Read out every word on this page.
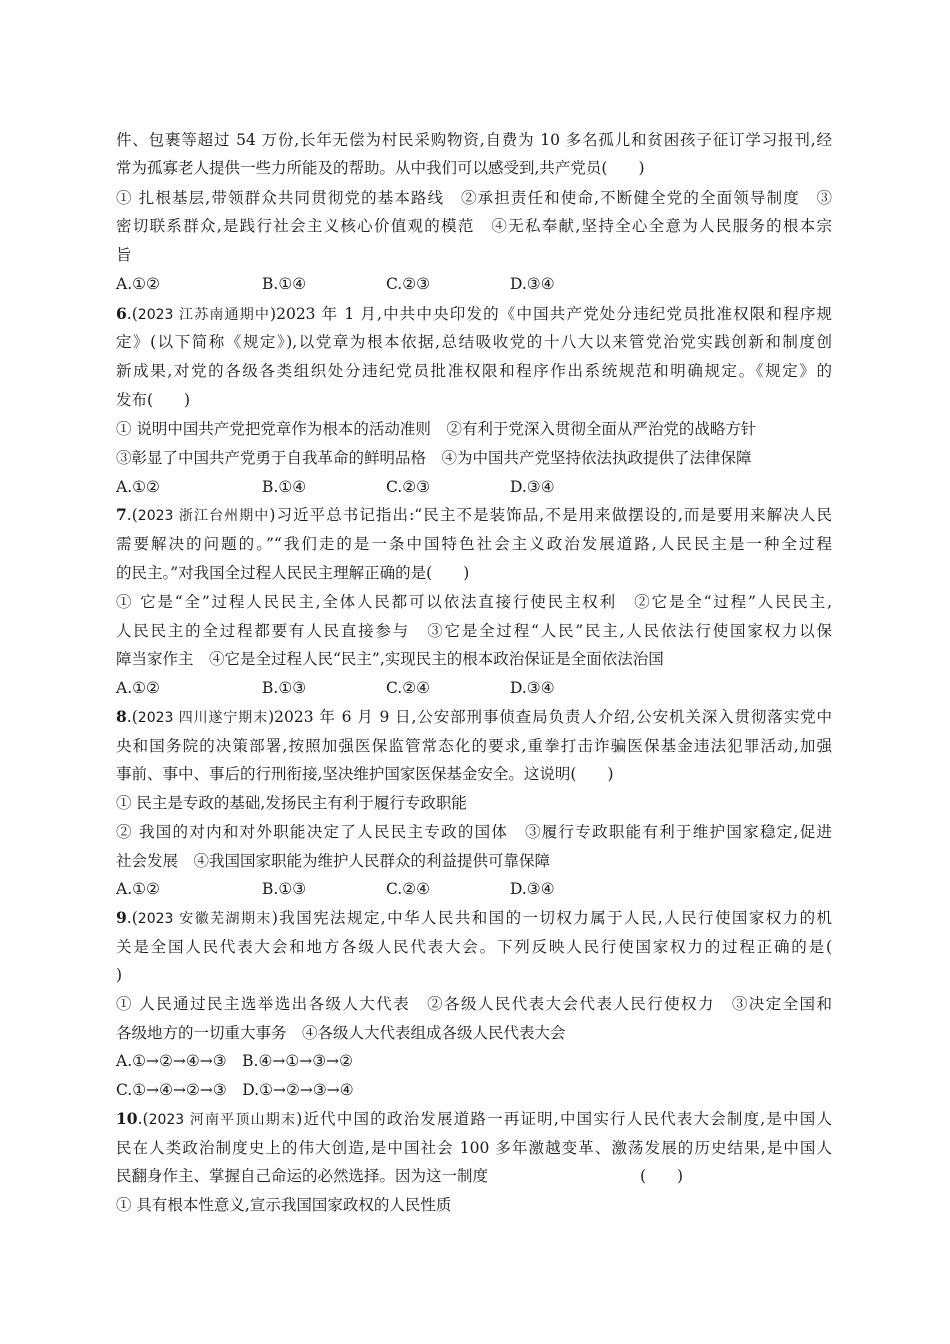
件、包裹等超过 54 万份,长年无偿为村民采购物资,自费为 10 多名孤儿和贫困孩子征订学习报刊,经
常为孤寡老人提供一些力所能及的帮助。从中我们可以感受到,共产党员(　　)
① 扎根基层,带领群众共同贯彻党的基本路线　②承担责任和使命,不断健全党的全面领导制度　③
密切联系群众,是践行社会主义核心价值观的模范　④无私奉献,坚持全心全意为人民服务的根本宗
旨
A.①②	B.①④	C.②③	D.③④
6.(2023 江苏南通期中)2023 年 1 月,中共中央印发的《中国共产党处分违纪党员批准权限和程序规
定》(以下简称《规定》),以党章为根本依据,总结吸收党的十八大以来管党治党实践创新和制度创
新成果,对党的各级各类组织处分违纪党员批准权限和程序作出系统规范和明确规定。《规定》的
发布(　　)
① 说明中国共产党把党章作为根本的活动准则　②有利于党深入贯彻全面从严治党的战略方针
③彰显了中国共产党勇于自我革命的鲜明品格　④为中国共产党坚持依法执政提供了法律保障
A.①②	B.①④	C.②③	D.③④
7.(2023 浙江台州期中)习近平总书记指出:“民主不是装饰品,不是用来做摆设的,而是要用来解决人民
需要解决的问题的。”“我们走的是一条中国特色社会主义政治发展道路,人民民主是一种全过程
的民主。”对我国全过程人民民主理解正确的是(　　)
① 它是“全”过程人民民主,全体人民都可以依法直接行使民主权利　②它是全“过程”人民民主,
人民民主的全过程都要有人民直接参与　③它是全过程“人民”民主,人民依法行使国家权力以保
障当家作主　④它是全过程人民“民主”,实现民主的根本政治保证是全面依法治国
A.①②	B.①③	C.②④	D.③④
8.(2023 四川遂宁期末)2023 年 6 月 9 日,公安部刑事侦查局负责人介绍,公安机关深入贯彻落实党中
央和国务院的决策部署,按照加强医保监管常态化的要求,重拳打击诈骗医保基金违法犯罪活动,加强
事前、事中、事后的行刑衔接,坚决维护国家医保基金安全。这说明(　　)
① 民主是专政的基础,发扬民主有利于履行专政职能
② 我国的对内和对外职能决定了人民民主专政的国体　③履行专政职能有利于维护国家稳定,促进
社会发展　④我国国家职能为维护人民群众的利益提供可靠保障
A.①②	B.①③	C.②④	D.③④
9.(2023 安徽芜湖期末)我国宪法规定,中华人民共和国的一切权力属于人民,人民行使国家权力的机
关是全国人民代表大会和地方各级人民代表大会。下列反映人民行使国家权力的过程正确的是(
)
① 人民通过民主选举选出各级人大代表　②各级人民代表大会代表人民行使权力　③决定全国和
各级地方的一切重大事务　④各级人大代表组成各级人民代表大会
A.①→②→④→③　B.④→①→③→②
C.①→④→②→③　D.①→②→③→④
10.(2023 河南平顶山期末)近代中国的政治发展道路一再证明,中国实行人民代表大会制度,是中国人
民在人类政治制度史上的伟大创造,是中国社会 100 多年激越变革、激荡发展的历史结果,是中国人
民翻身作主、掌握自己命运的必然选择。因为这一制度	(　　)
① 具有根本性意义,宣示我国国家政权的人民性质
